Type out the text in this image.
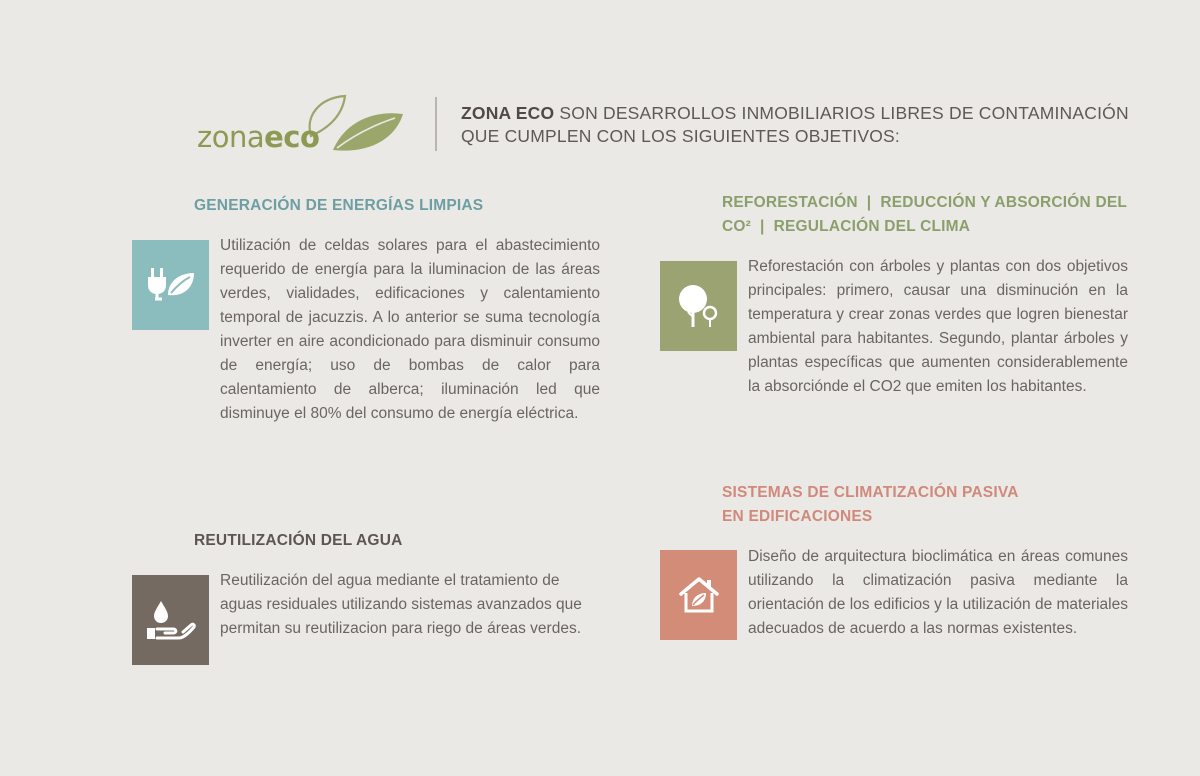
zonaeco
ZONA ECO SON DESARROLLOS INMOBILIARIOS LIBRES DE CONTAMINACIÓN QUE CUMPLEN CON LOS SIGUIENTES OBJETIVOS:
GENERACIÓN DE ENERGÍAS LIMPIAS
Utilización de celdas solares para el abastecimiento requerido de energía para la iluminacion de las áreas verdes, vialidades, edificaciones y calentamiento temporal de jacuzzis. A lo anterior se suma tecnología inverter en aire acondicionado para disminuir consumo de energía; uso de bombas de calor para calentamiento de alberca; iluminación led que disminuye el 80% del consumo de energía eléctrica.
REUTILIZACIÓN DEL AGUA
Reutilización del agua mediante el tratamiento de aguas residuales utilizando sistemas avanzados que permitan su reutilizacion para riego de áreas verdes.
REFORESTACIÓN  |  REDUCCIÓN Y ABSORCIÓN DEL
CO²  |  REGULACIÓN DEL CLIMA
Reforestación con árboles y plantas con dos objetivos principales: primero, causar una disminución en la temperatura y crear zonas verdes que logren bienestar ambiental para habitantes. Segundo, plantar árboles y plantas específicas que aumenten considerablemente la absorciónde el CO2 que emiten los habitantes.
SISTEMAS DE CLIMATIZACIÓN PASIVA
EN EDIFICACIONES
Diseño de arquitectura bioclimática en áreas comunes utilizando la climatización pasiva mediante la orientación de los edificios y la utilización de materiales adecuados de acuerdo a las normas existentes.
